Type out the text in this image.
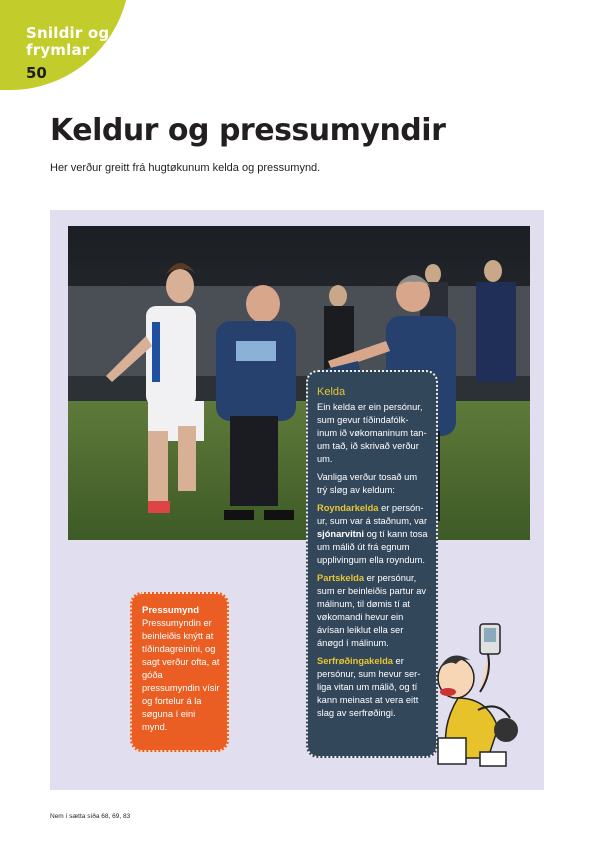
Snildir og
frymlar
50
Keldur og pressumyndir
Her verður greitt frá hugtøkunum kelda og pressumynd.
Kelda

Ein kelda er ein persónur, sum gevur tíðindafólk-inum ið vøkomaninum tan-um tað, ið skrivað verður um.

Vanliga verður tosað um trý sløg av keldum:

Royndarkelda er persón-ur, sum var á staðnum, var sjónarvitni og tí kann tosa um málið út frá egnum upplivingum ella royndum.

Partskelda er persónur, sum er beinleiðis partur av málinum, til dømis tí at vøkomandi hevur ein ávísan leiklut ella ser ánøgd í málinum.

Serfrøðingakelda er persónur, sum hevur ser-liga vitan um málið, og tí kann meinast at vera eitt slag av serfrøðingi.

Pressumynd

Pressumyndin er beinleiðis knýtt at tíðindagreinini, og sagt verður ofta, at góða pressumyndin vísir og fortelur á la søguna í eini mynd.

Nem í sætta síða 68, 69, 83
